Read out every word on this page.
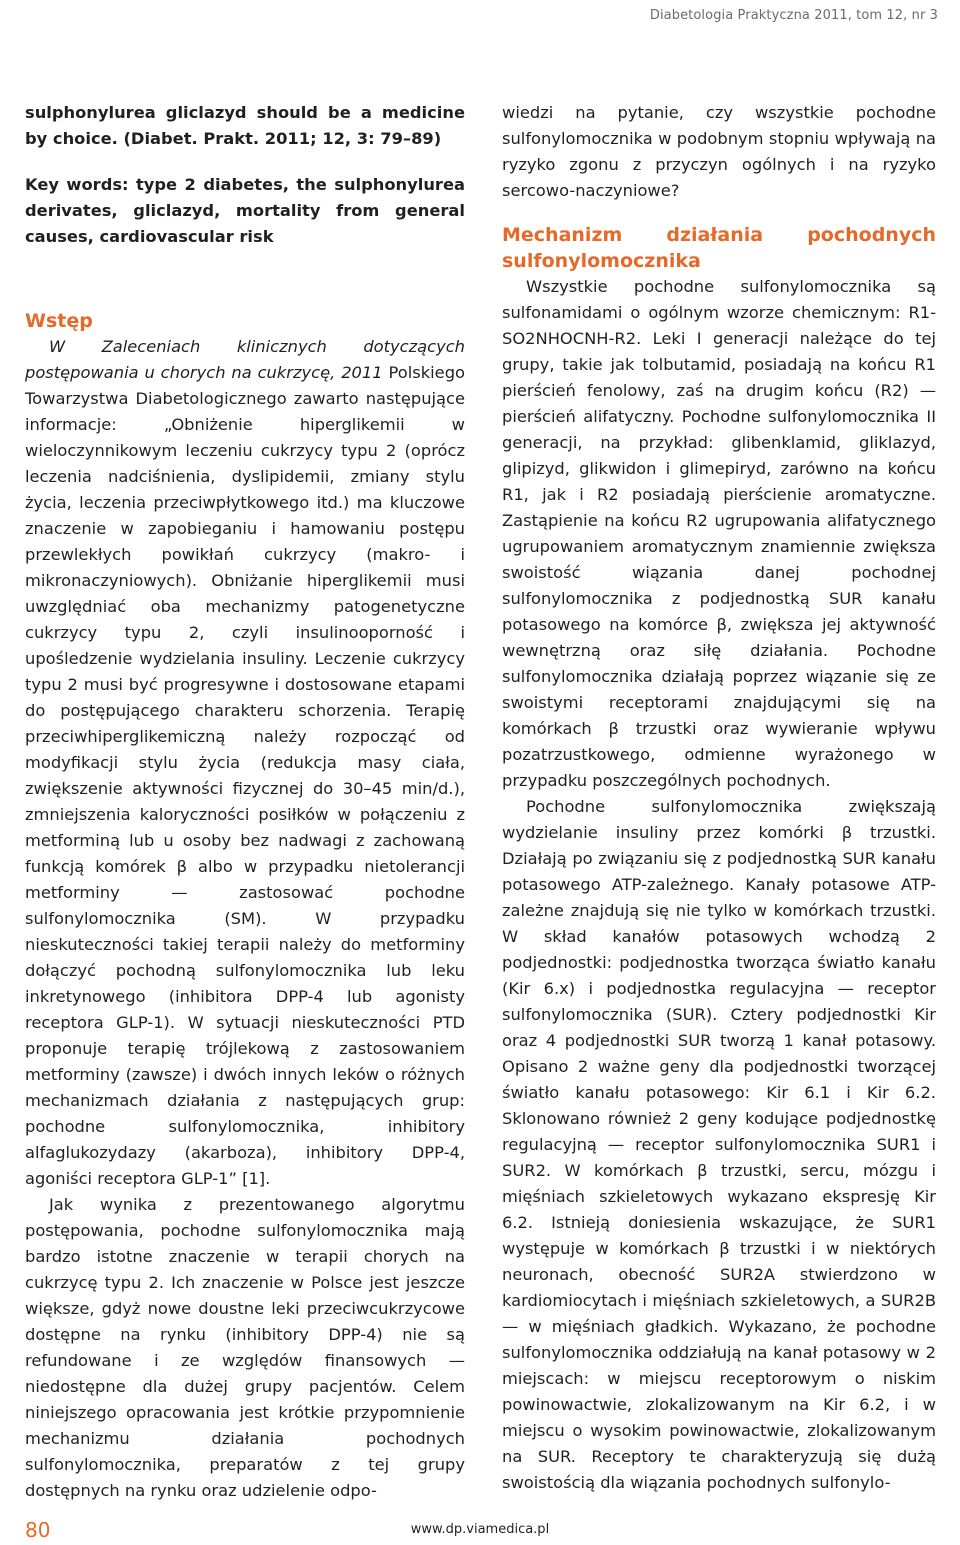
Diabetologia Praktyczna 2011, tom 12, nr 3

sulphonylurea gliclazyd should be a medicine by choice. (Diabet. Prakt. 2011; 12, 3: 79–89)

Key words: type 2 diabetes, the sulphonylurea derivates, gliclazyd, mortality from general causes, cardiovascular risk

Wstęp

W Zaleceniach klinicznych dotyczących postępowania u chorych na cukrzycę, 2011 Polskiego Towarzystwa Diabetologicznego zawarto następujące informacje: „Obniżenie hiperglikemii w wieloczynnikowym leczeniu cukrzycy typu 2 (oprócz leczenia nadciśnienia, dyslipidemii, zmiany stylu życia, leczenia przeciwpłytkowego itd.) ma kluczowe znaczenie w zapobieganiu i hamowaniu postępu przewlekłych powikłań cukrzycy (makro- i mikronaczyniowych). Obniżanie hiperglikemii musi uwzględniać oba mechanizmy patogenetyczne cukrzycy typu 2, czyli insulinooporność i upośledzenie wydzielania insuliny. Leczenie cukrzycy typu 2 musi być progresywne i dostosowane etapami do postępującego charakteru schorzenia. Terapię przeciwhiperglikemiczną należy rozpocząć od modyfikacji stylu życia (redukcja masy ciała, zwiększenie aktywności fizycznej do 30–45 min/d.), zmniejszenia kaloryczności posiłków w połączeniu z metforminą lub u osoby bez nadwagi z zachowaną funkcją komórek β albo w przypadku nietolerancji metforminy — zastosować pochodne sulfonylomocznika (SM). W przypadku nieskuteczności takiej terapii należy do metforminy dołączyć pochodną sulfonylomocznika lub leku inkretynowego (inhibitora DPP-4 lub agonisty receptora GLP-1). W sytuacji nieskuteczności PTD proponuje terapię trójlekową z zastosowaniem metforminy (zawsze) i dwóch innych leków o różnych mechanizmach działania z następujących grup: pochodne sulfonylomocznika, inhibitory alfaglukozydazy (akarboza), inhibitory DPP-4, agoniści receptora GLP-1” [1].

Jak wynika z prezentowanego algorytmu postępowania, pochodne sulfonylomocznika mają bardzo istotne znaczenie w terapii chorych na cukrzycę typu 2. Ich znaczenie w Polsce jest jeszcze większe, gdyż nowe doustne leki przeciwcukrzycowe dostępne na rynku (inhibitory DPP-4) nie są refundowane i ze względów finansowych — niedostępne dla dużej grupy pacjentów. Celem niniejszego opracowania jest krótkie przypomnienie mechanizmu działania pochodnych sulfonylomocznika, preparatów z tej grupy dostępnych na rynku oraz udzielenie odpo-

wiedzi na pytanie, czy wszystkie pochodne sulfonylomocznika w podobnym stopniu wpływają na ryzyko zgonu z przyczyn ogólnych i na ryzyko sercowo-naczyniowe?

Mechanizm działania pochodnych sulfonylomocznika

Wszystkie pochodne sulfonylomocznika są sulfonamidami o ogólnym wzorze chemicznym: R1-SO2NHOCNH-R2. Leki I generacji należące do tej grupy, takie jak tolbutamid, posiadają na końcu R1 pierścień fenolowy, zaś na drugim końcu (R2) — pierścień alifatyczny. Pochodne sulfonylomocznika II generacji, na przykład: glibenklamid, gliklazyd, glipizyd, glikwidon i glimepiryd, zarówno na końcu R1, jak i R2 posiadają pierścienie aromatyczne. Zastąpienie na końcu R2 ugrupowania alifatycznego ugrupowaniem aromatycznym znamiennie zwiększa swoistość wiązania danej pochodnej sulfonylomocznika z podjednostką SUR kanału potasowego na komórce β, zwiększa jej aktywność wewnętrzną oraz siłę działania. Pochodne sulfonylomocznika działają poprzez wiązanie się ze swoistymi receptorami znajdującymi się na komórkach β trzustki oraz wywieranie wpływu pozatrzustkowego, odmienne wyrażonego w przypadku poszczególnych pochodnych.

Pochodne sulfonylomocznika zwiększają wydzielanie insuliny przez komórki β trzustki. Działają po związaniu się z podjednostką SUR kanału potasowego ATP-zależnego. Kanały potasowe ATP-zależne znajdują się nie tylko w komórkach trzustki. W skład kanałów potasowych wchodzą 2 podjednostki: podjednostka tworząca światło kanału (Kir 6.x) i podjednostka regulacyjna — receptor sulfonylomocznika (SUR). Cztery podjednostki Kir oraz 4 podjednostki SUR tworzą 1 kanał potasowy. Opisano 2 ważne geny dla podjednostki tworzącej światło kanału potasowego: Kir 6.1 i Kir 6.2. Sklonowano również 2 geny kodujące podjednostkę regulacyjną — receptor sulfonylomocznika SUR1 i SUR2. W komórkach β trzustki, sercu, mózgu i mięśniach szkieletowych wykazano ekspresję Kir 6.2. Istnieją doniesienia wskazujące, że SUR1 występuje w komórkach β trzustki i w niektórych neuronach, obecność SUR2A stwierdzono w kardiomiocytach i mięśniach szkieletowych, a SUR2B — w mięśniach gładkich. Wykazano, że pochodne sulfonylomocznika oddziałują na kanał potasowy w 2 miejscach: w miejscu receptorowym o niskim powinowactwie, zlokalizowanym na Kir 6.2, i w miejscu o wysokim powinowactwie, zlokalizowanym na SUR. Receptory te charakteryzują się dużą swoistością dla wiązania pochodnych sulfonylo-

80	www.dp.viamedica.pl
